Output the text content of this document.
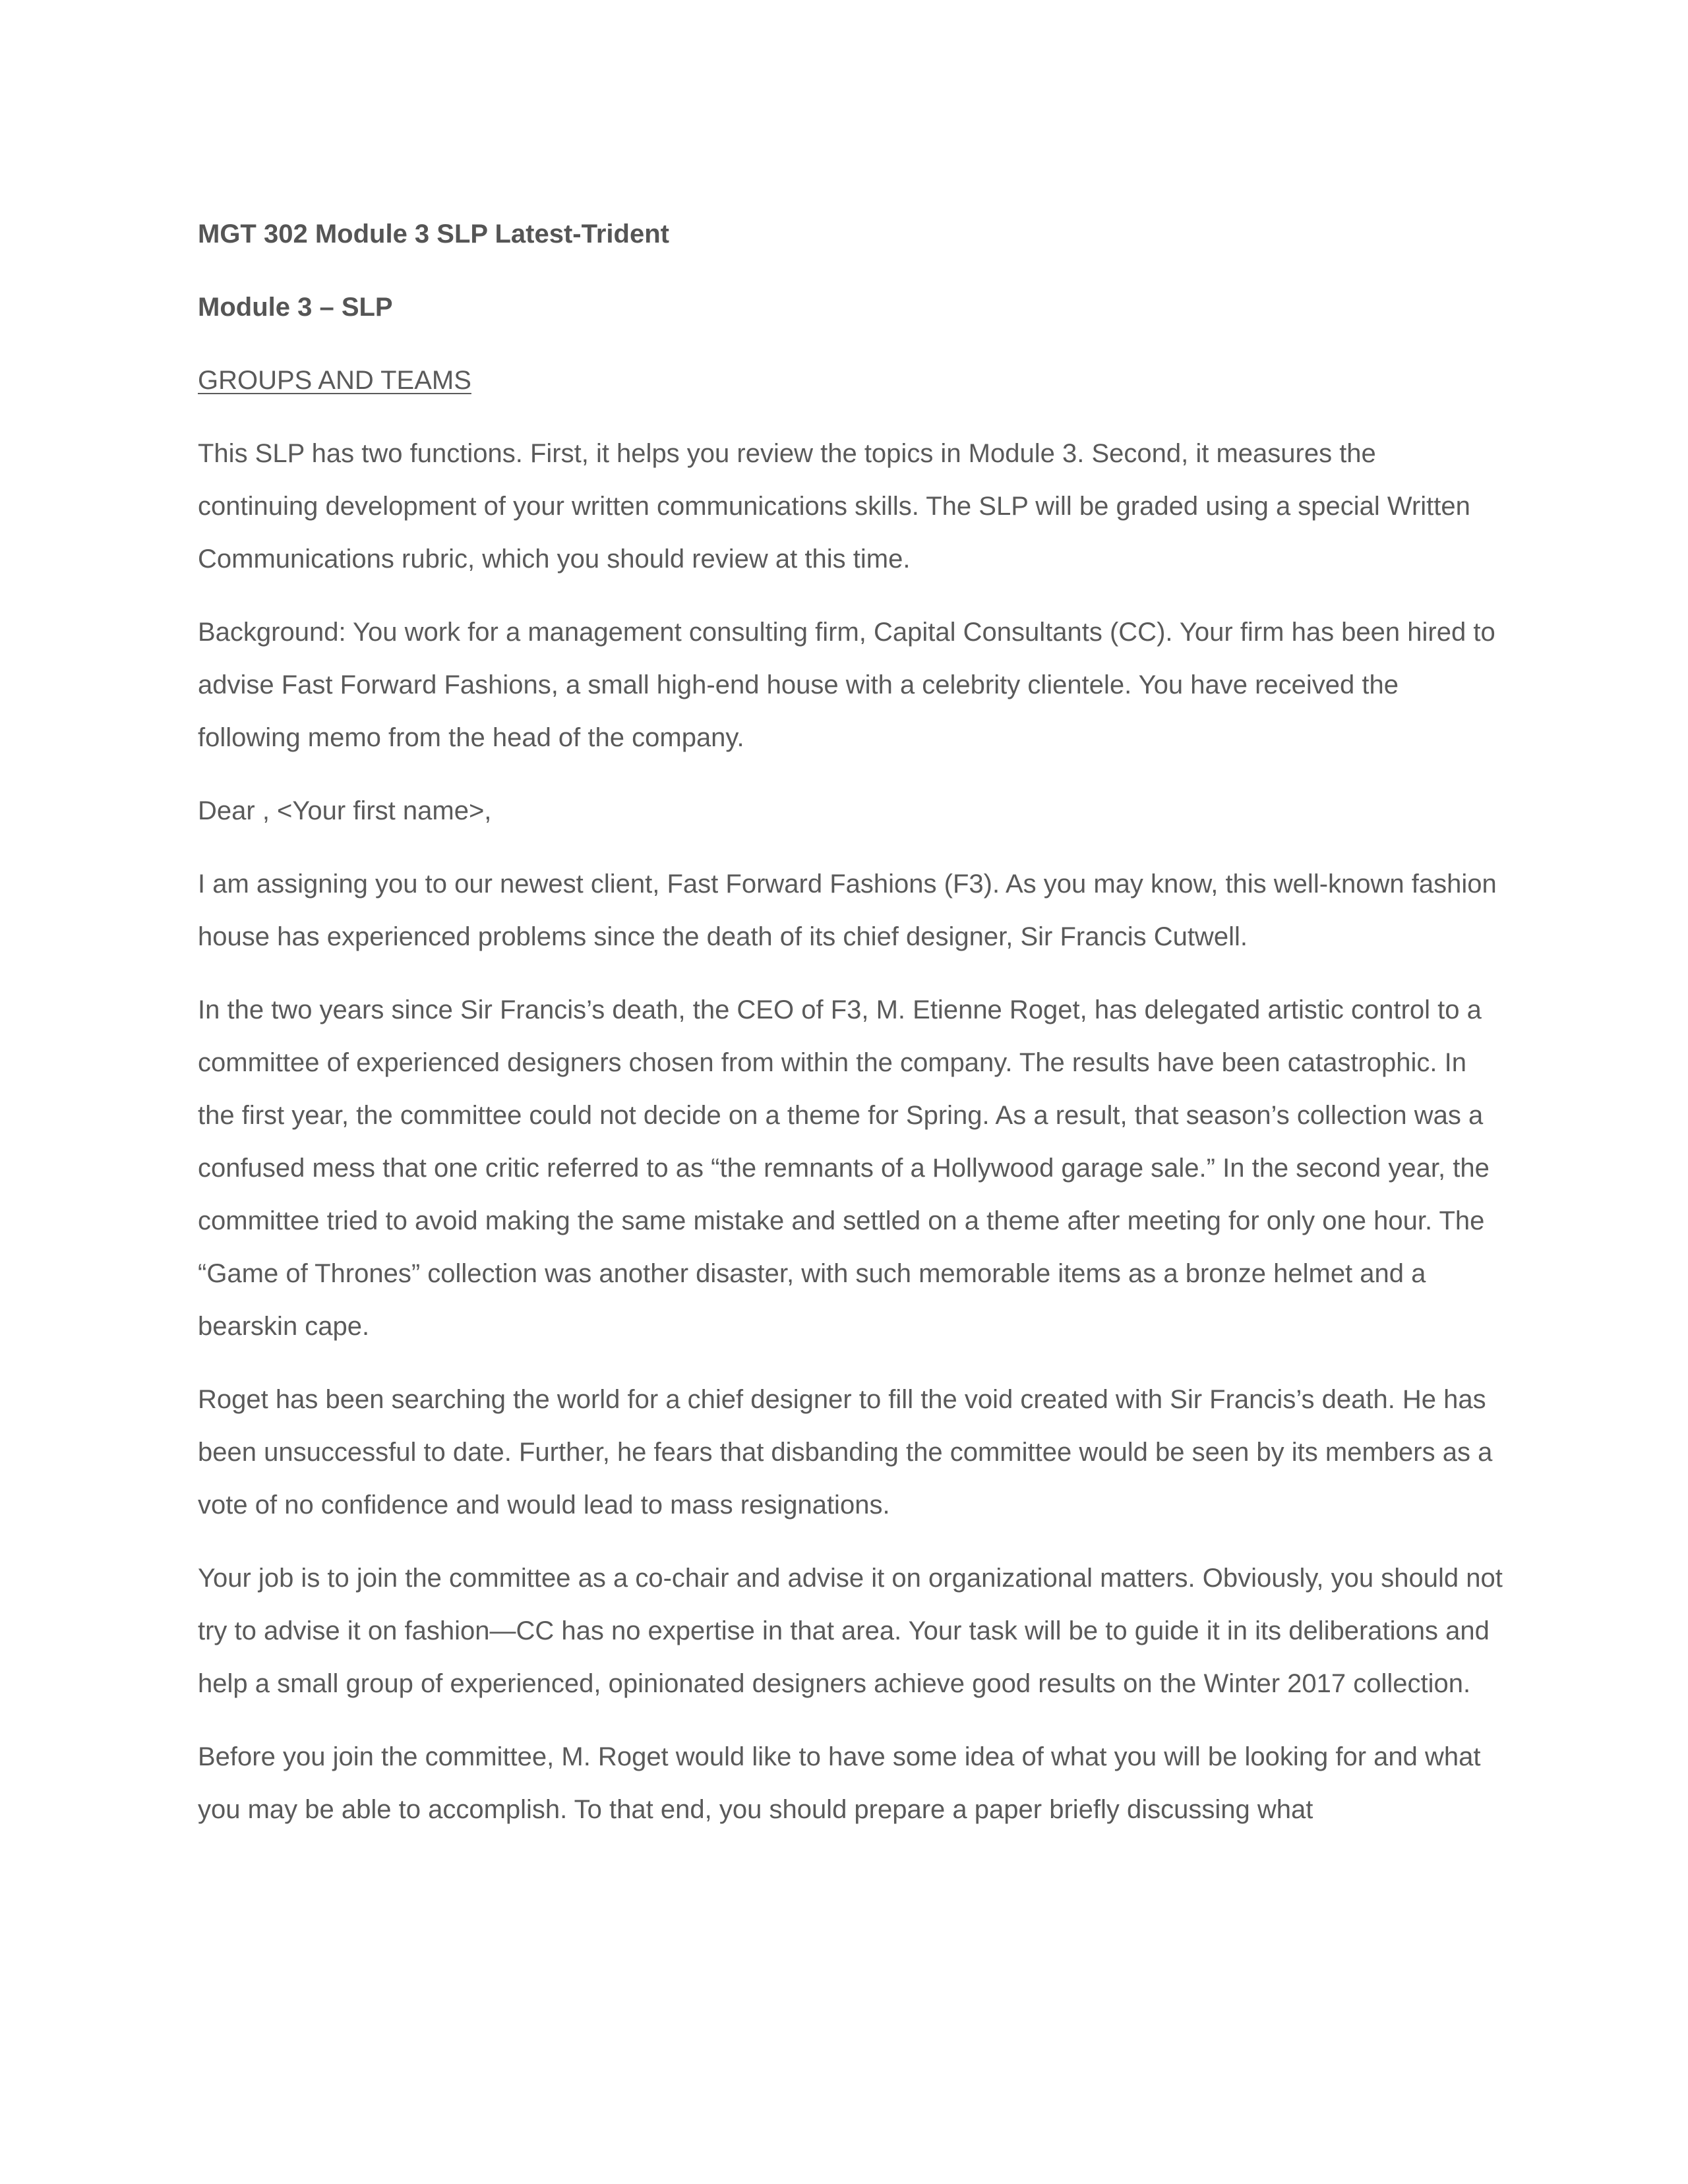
MGT 302 Module 3 SLP Latest-Trident
Module 3 – SLP
GROUPS AND TEAMS

This SLP has two functions. First, it helps you review the topics in Module 3. Second, it measures the continuing development of your written communications skills. The SLP will be graded using a special Written Communications rubric, which you should review at this time.

Background: You work for a management consulting firm, Capital Consultants (CC). Your firm has been hired to advise Fast Forward Fashions, a small high-end house with a celebrity clientele. You have received the following memo from the head of the company.

Dear , <Your first name>,

I am assigning you to our newest client, Fast Forward Fashions (F3). As you may know, this well-known fashion house has experienced problems since the death of its chief designer, Sir Francis Cutwell.

In the two years since Sir Francis’s death, the CEO of F3, M. Etienne Roget, has delegated artistic control to a committee of experienced designers chosen from within the company. The results have been catastrophic. In the first year, the committee could not decide on a theme for Spring. As a result, that season’s collection was a confused mess that one critic referred to as “the remnants of a Hollywood garage sale.” In the second year, the committee tried to avoid making the same mistake and settled on a theme after meeting for only one hour. The “Game of Thrones” collection was another disaster, with such memorable items as a bronze helmet and a bearskin cape.

Roget has been searching the world for a chief designer to fill the void created with Sir Francis’s death. He has been unsuccessful to date. Further, he fears that disbanding the committee would be seen by its members as a vote of no confidence and would lead to mass resignations.

Your job is to join the committee as a co-chair and advise it on organizational matters. Obviously, you should not try to advise it on fashion—CC has no expertise in that area. Your task will be to guide it in its deliberations and help a small group of experienced, opinionated designers achieve good results on the Winter 2017 collection.

Before you join the committee, M. Roget would like to have some idea of what you will be looking for and what you may be able to accomplish. To that end, you should prepare a paper briefly discussing what
